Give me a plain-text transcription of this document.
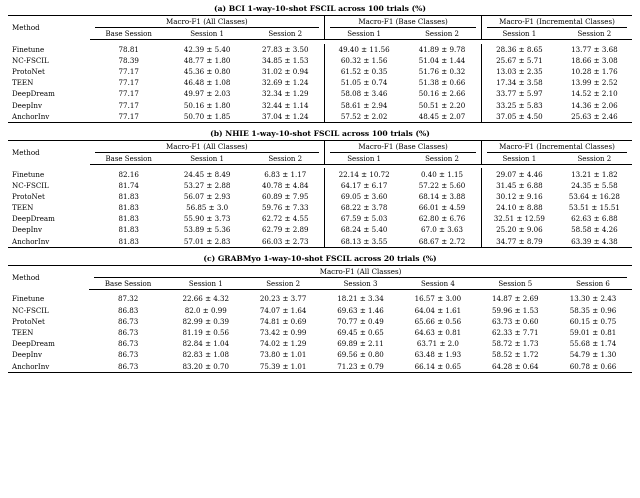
(a) BCI 1-way-10-shot FSCIL across 100 trials (%)
Method	Macro-F1 (All Classes)			Macro-F1 (Base Classes)		Macro-F1 (Incremental Classes)	

	Base Session	Session 1	Session 2	Session 1	Session 2	Session 1	Session 2

Finetune	78.81	42.39 ± 5.40	27.83 ± 3.50	49.40 ± 11.56	41.89 ± 9.78	28.36 ± 8.65	13.77 ± 3.68
NC-FSCIL	78.39	48.77 ± 1.80	34.85 ± 1.53	60.32 ± 1.56	51.04 ± 1.44	25.67 ± 5.71	18.66 ± 3.08
ProtoNet	77.17	45.36 ± 0.80	31.02 ± 0.94	61.52 ± 0.35	51.76 ± 0.32	13.03 ± 2.35	10.28 ± 1.76
TEEN	77.17	46.48 ± 1.08	32.69 ± 1.24	51.05 ± 0.74	51.38 ± 0.66	17.34 ± 3.58	13.99 ± 2.52
DeepDream	77.17	49.97 ± 2.03	32.34 ± 1.29	58.08 ± 3.46	50.16 ± 2.66	33.77 ± 5.97	14.52 ± 2.10
DeepInv	77.17	50.16 ± 1.80	32.44 ± 1.14	58.61 ± 2.94	50.51 ± 2.20	33.25 ± 5.83	14.36 ± 2.06
AnchorInv	77.17	50.70 ± 1.85	37.04 ± 1.24	57.52 ± 2.02	48.45 ± 2.07	37.05 ± 4.50	25.63 ± 2.46
(b) NHIE 1-way-10-shot FSCIL across 100 trials (%)
Method	Macro-F1 (All Classes)			Macro-F1 (Base Classes)		Macro-F1 (Incremental Classes)	

	Base Session	Session 1	Session 2	Session 1	Session 2	Session 1	Session 2

Finetune	82.16	24.45 ± 8.49	6.83 ± 1.17	22.14 ± 10.72	0.40 ± 1.15	29.07 ± 4.46	13.21 ± 1.82
NC-FSCIL	81.74	53.27 ± 2.88	40.78 ± 4.84	64.17 ± 6.17	57.22 ± 5.60	31.45 ± 6.88	24.35 ± 5.58
ProtoNet	81.83	56.07 ± 2.93	60.89 ± 7.95	69.05 ± 3.60	68.14 ± 3.88	30.12 ± 9.16	53.64 ± 16.28
TEEN	81.83	56.85 ± 3.0	59.76 ± 7.33	68.22 ± 3.78	66.01 ± 4.59	24.10 ± 8.88	53.51 ± 15.51
DeepDream	81.83	55.90 ± 3.73	62.72 ± 4.55	67.59 ± 5.03	62.80 ± 6.76	32.51 ± 12.59	62.63 ± 6.88
DeepInv	81.83	53.89 ± 5.36	62.79 ± 2.89	68.24 ± 5.40	67.0 ± 3.63	25.20 ± 9.06	58.58 ± 4.26
AnchorInv	81.83	57.01 ± 2.83	66.03 ± 2.73	68.13 ± 3.55	68.67 ± 2.72	34.77 ± 8.79	63.39 ± 4.38
(c) GRABMyo 1-way-10-shot FSCIL across 20 trials (%)
Method	Macro-F1 (All Classes)						

	Base Session	Session 1	Session 2	Session 3	Session 4	Session 5	Session 6

Finetune	87.32	22.66 ± 4.32	20.23 ± 3.77	18.21 ± 3.34	16.57 ± 3.00	14.87 ± 2.69	13.30 ± 2.43
NC-FSCIL	86.83	82.0 ± 0.99	74.07 ± 1.64	69.63 ± 1.46	64.04 ± 1.61	59.96 ± 1.53	58.35 ± 0.96
ProtoNet	86.73	82.99 ± 0.39	74.81 ± 0.69	70.77 ± 0.49	65.66 ± 0.56	63.73 ± 0.60	60.15 ± 0.75
TEEN	86.73	81.19 ± 0.56	73.42 ± 0.99	69.45 ± 0.65	64.63 ± 0.81	62.33 ± 7.71	59.01 ± 0.81
DeepDream	86.73	82.84 ± 1.04	74.02 ± 1.29	69.89 ± 2.11	63.71 ± 2.0	58.72 ± 1.73	55.68 ± 1.74
DeepInv	86.73	82.83 ± 1.08	73.80 ± 1.01	69.56 ± 0.80	63.48 ± 1.93	58.52 ± 1.72	54.79 ± 1.30
AnchorInv	86.73	83.20 ± 0.70	75.39 ± 1.01	71.23 ± 0.79	66.14 ± 0.65	64.28 ± 0.64	60.78 ± 0.66
